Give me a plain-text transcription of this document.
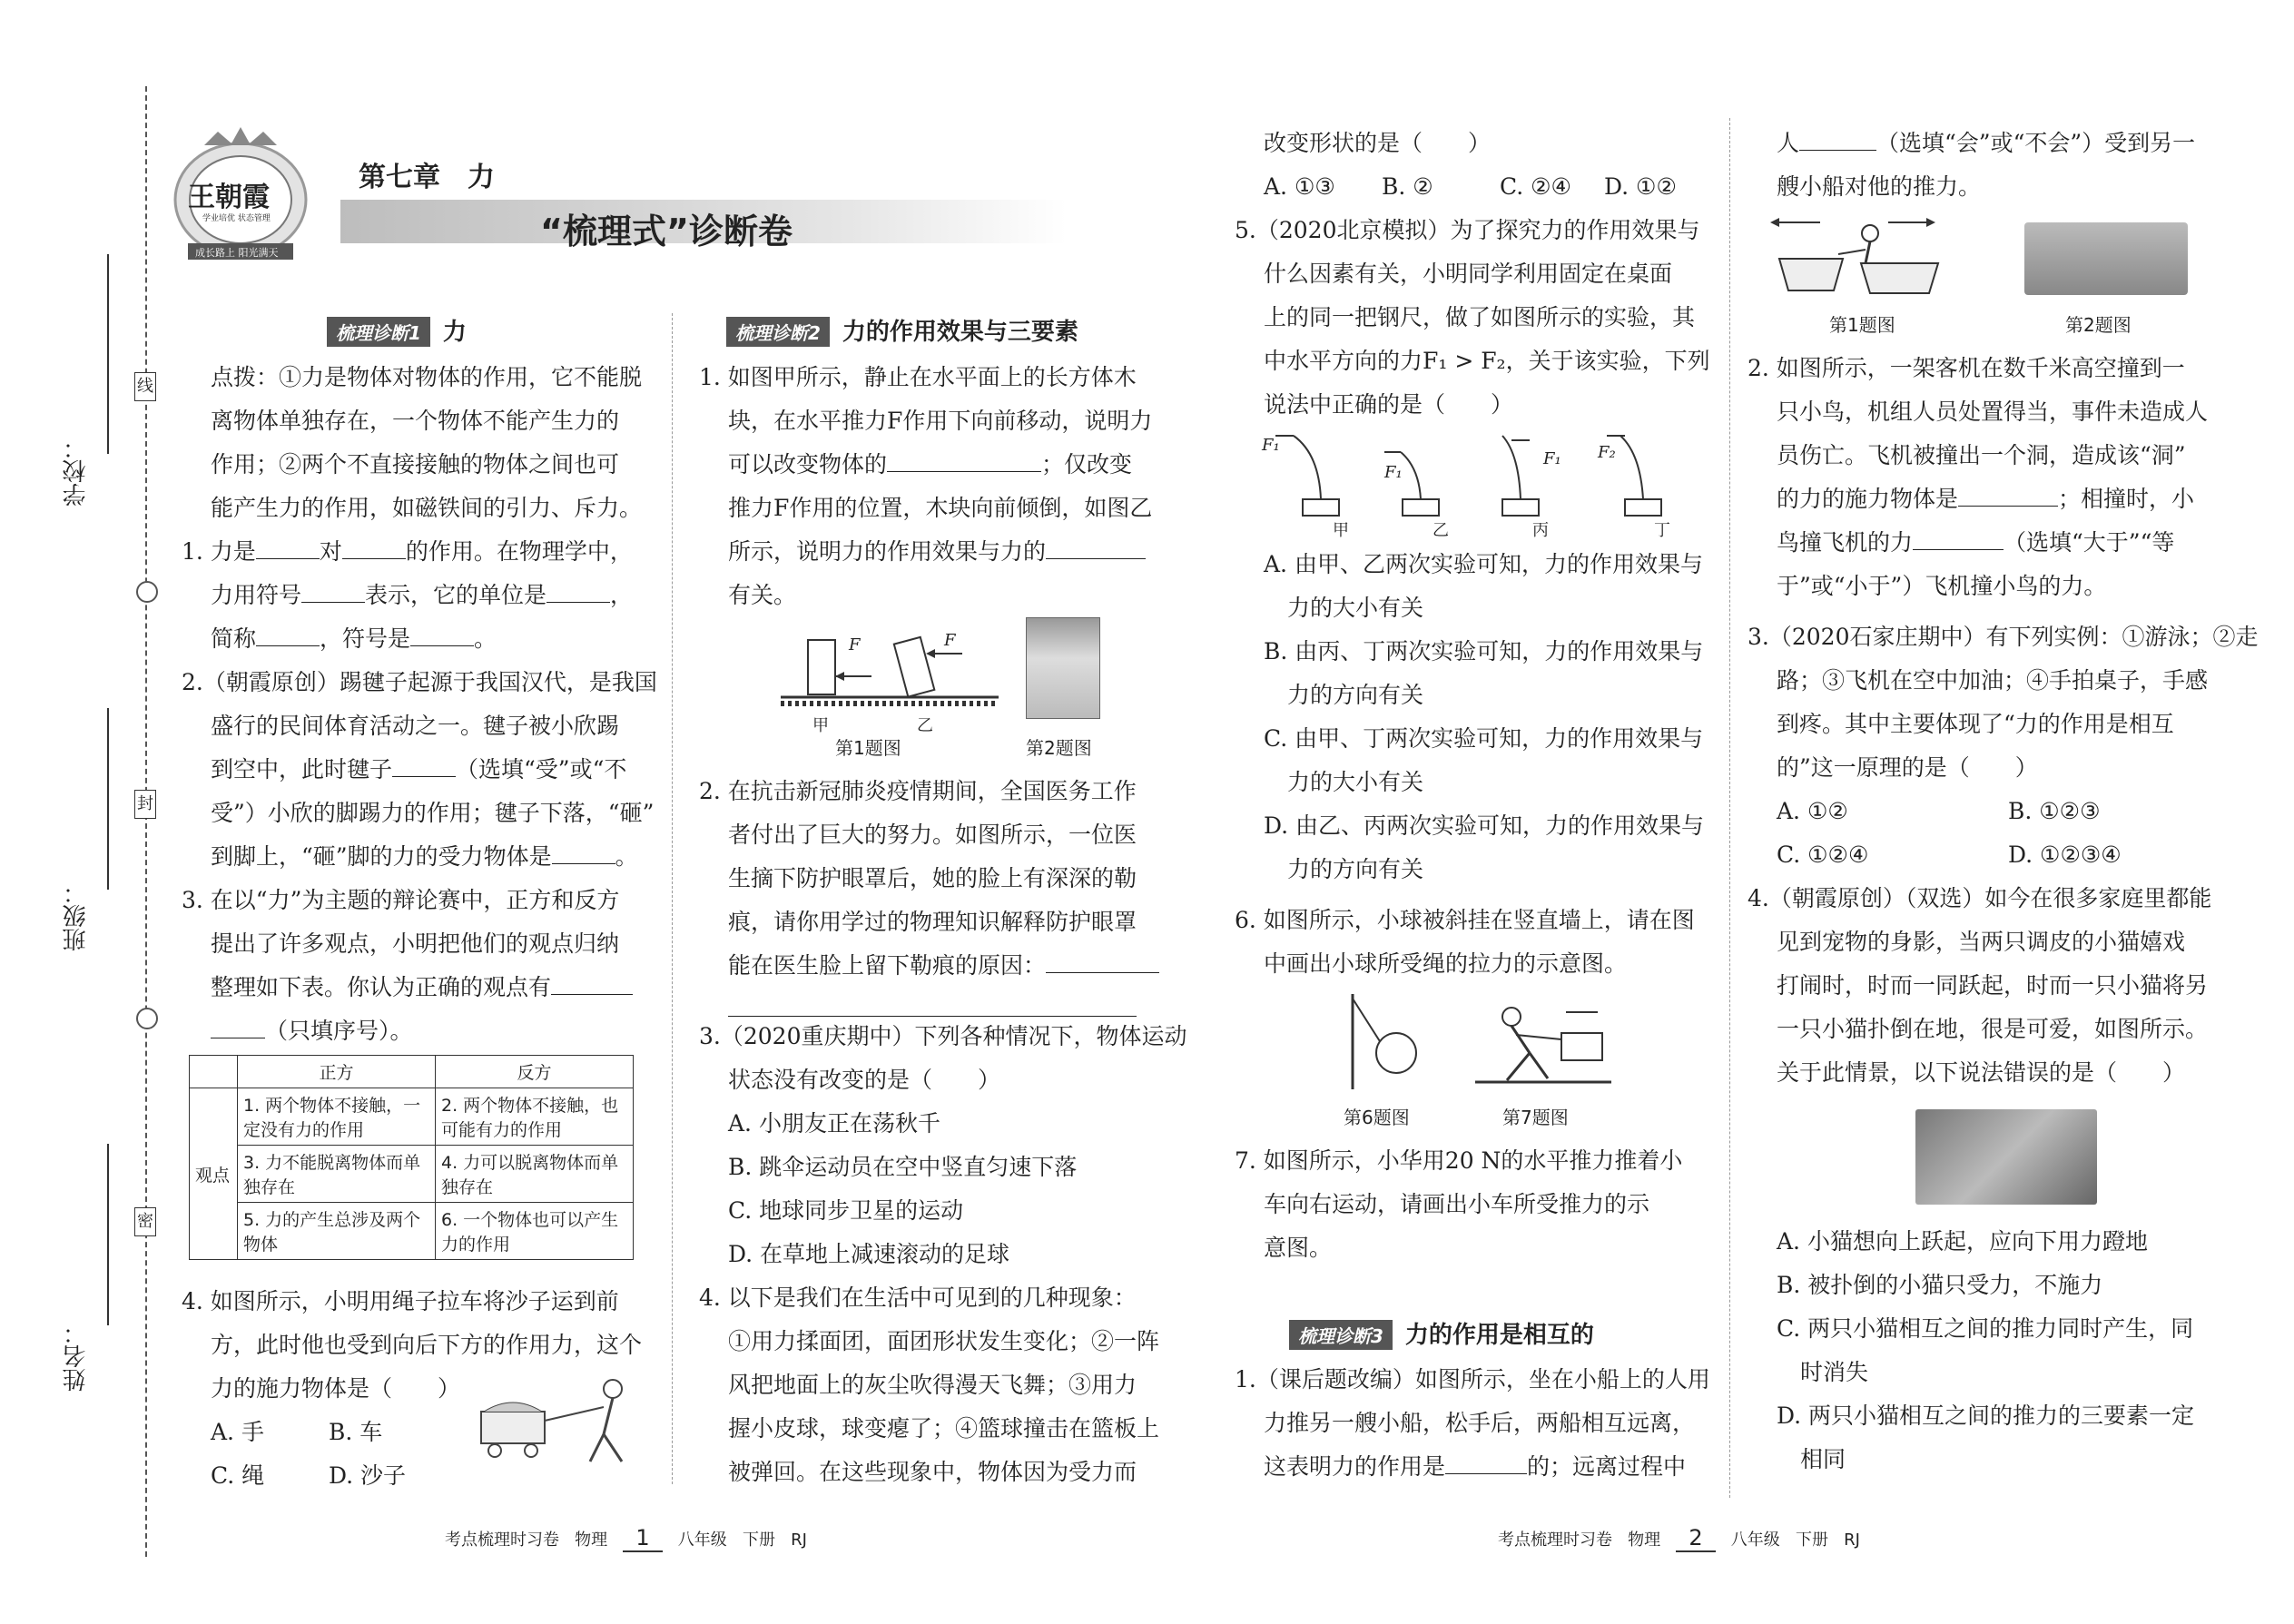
学校：
班级：
姓名：
线
封
密
王朝霞
学业培优 状态管理
成长路上 阳光满天
第七章　力
“梳理式”诊断卷
梳理诊断1 力
点拨：①力是物体对物体的作用，它不能脱
离物体单独存在，一个物体不能产生力的
作用；②两个不直接接触的物体之间也可
能产生力的作用，如磁铁间的引力、斥力。
1. 力是	对	的作用。在物理学中，
力用符号	表示，它的单位是	，
简称	，符号是	。
2.（朝霞原创）踢毽子起源于我国汉代，是我国
盛行的民间体育活动之一。毽子被小欣踢
到空中，此时毽子	（选填“受”或“不
受”）小欣的脚踢力的作用；毽子下落，“砸”
到脚上，“砸”脚的力的受力物体是	。
3. 在以“力”为主题的辩论赛中，正方和反方
提出了许多观点，小明把他们的观点归纳
整理如下表。你认为正确的观点有
（只填序号）。
	正方	反方
观点	1. 两个物体不接触，一定没有力的作用	2. 两个物体不接触，也可能有力的作用
	3. 力不能脱离物体而单独存在	4. 力可以脱离物体而单独存在
	5. 力的产生总涉及两个物体	6. 一个物体也可以产生力的作用
4. 如图所示，小明用绳子拉车将沙子运到前
方，此时他也受到向后下方的作用力，这个
力的施力物体是（　　）
A. 手	B. 车
C. 绳	D. 沙子
梳理诊断2 力的作用效果与三要素
1. 如图甲所示，静止在水平面上的长方体木
块，在水平推力F作用下向前移动，说明力
可以改变物体的	；仅改变
推力F作用的位置，木块向前倾倒，如图乙
所示，说明力的作用效果与力的
有关。
F	F
甲	乙
第1题图	第2题图
2. 在抗击新冠肺炎疫情期间，全国医务工作
者付出了巨大的努力。如图所示，一位医
生摘下防护眼罩后，她的脸上有深深的勒
痕，请你用学过的物理知识解释防护眼罩
能在医生脸上留下勒痕的原因：
3.（2020重庆期中）下列各种情况下，物体运动
状态没有改变的是（　　）
A. 小朋友正在荡秋千
B. 跳伞运动员在空中竖直匀速下落
C. 地球同步卫星的运动
D. 在草地上减速滚动的足球
4. 以下是我们在生活中可见到的几种现象：
①用力揉面团，面团形状发生变化；②一阵
风把地面上的灰尘吹得漫天飞舞；③用力
握小皮球，球变瘪了；④篮球撞击在篮板上
被弹回。在这些现象中，物体因为受力而
考点梳理时习卷 物理 1 八年级 下册 RJ
改变形状的是（　　）
A. ①③ B. ②	C. ②④ D. ①②
5.（2020北京模拟）为了探究力的作用效果与
什么因素有关，小明同学利用固定在桌面
上的同一把钢尺，做了如图所示的实验，其
中水平方向的力F₁ > F₂，关于该实验，下列
说法中正确的是（　　）
F₁
F₁
F₁ F₂
甲	乙	丙	丁
A. 由甲、乙两次实验可知，力的作用效果与
力的大小有关
B. 由丙、丁两次实验可知，力的作用效果与
力的方向有关
C. 由甲、丁两次实验可知，力的作用效果与
力的大小有关
D. 由乙、丙两次实验可知，力的作用效果与
力的方向有关
6. 如图所示，小球被斜挂在竖直墙上，请在图
中画出小球所受绳的拉力的示意图。
第6题图	第7题图
7. 如图所示，小华用20 N的水平推力推着小
车向右运动，请画出小车所受推力的示
意图。
梳理诊断3 力的作用是相互的
1.（课后题改编）如图所示，坐在小船上的人用
力推另一艘小船，松手后，两船相互远离，
这表明力的作用是	的；远离过程中
人	（选填“会”或“不会”）受到另一
艘小船对他的推力。
第1题图	第2题图
2. 如图所示，一架客机在数千米高空撞到一
只小鸟，机组人员处置得当，事件未造成人
员伤亡。飞机被撞出一个洞，造成该“洞”
的力的施力物体是	；相撞时，小
鸟撞飞机的力	（选填“大于”“等
于”或“小于”）飞机撞小鸟的力。
3.（2020石家庄期中）有下列实例：①游泳；②走
路；③飞机在空中加油；④手拍桌子，手感
到疼。其中主要体现了“力的作用是相互
的”这一原理的是（　　）
A. ①②	B. ①②③
C. ①②④	D. ①②③④
4.（朝霞原创）（双选）如今在很多家庭里都能
见到宠物的身影，当两只调皮的小猫嬉戏
打闹时，时而一同跃起，时而一只小猫将另
一只小猫扑倒在地，很是可爱，如图所示。
关于此情景，以下说法错误的是（　　）
A. 小猫想向上跃起，应向下用力蹬地
B. 被扑倒的小猫只受力，不施力
C. 两只小猫相互之间的推力同时产生，同
时消失
D. 两只小猫相互之间的推力的三要素一定
相同
考点梳理时习卷 物理 2 八年级 下册 RJ
